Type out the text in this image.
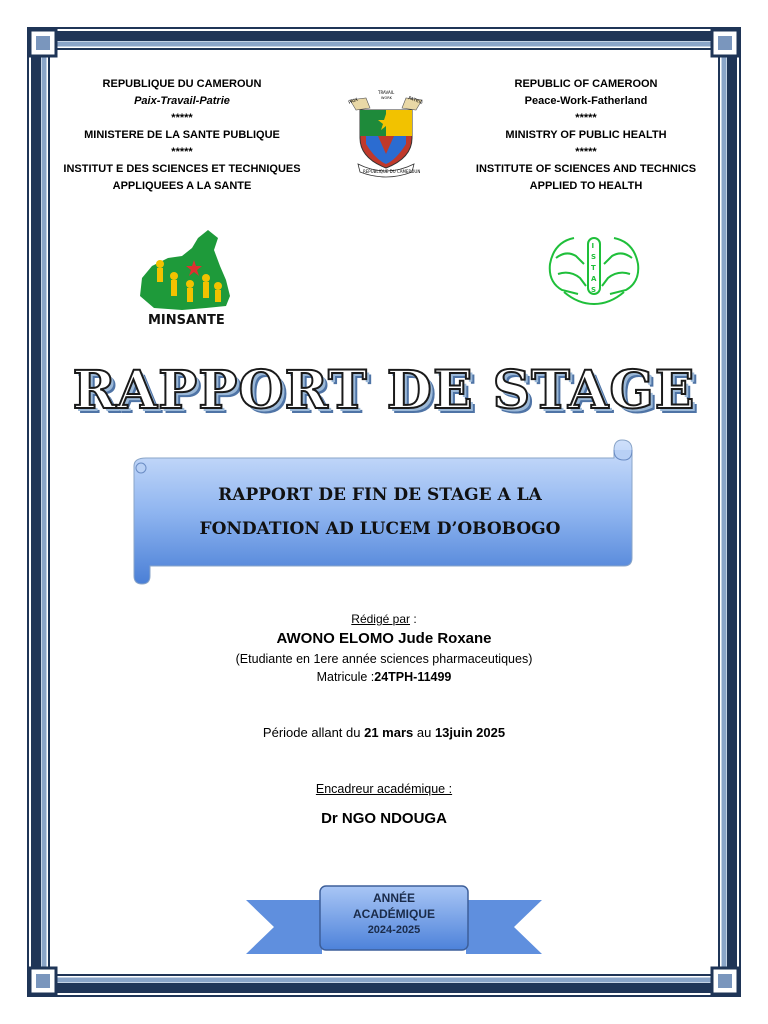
REPUBLIQUE DU CAMEROUN
Paix-Travail-Patrie
*****
MINISTERE DE LA SANTE PUBLIQUE
*****
INSTITUT E DES SCIENCES ET TECHNIQUES
APPLIQUEES A LA SANTE
REPUBLIC OF CAMEROON
Peace-Work-Fatherland
*****
MINISTRY OF PUBLIC HEALTH
*****
INSTITUTE OF SCIENCES AND TECHNICS
APPLIED TO HEALTH
PAIX
TRAVAIL
WORK	PATRIE
REPUBLIQUE DU CAMEROUN
MINSANTE
I
S
T
A
S
RAPPORT DE STAGE
RAPPORT DE FIN DE STAGE A LA
FONDATION AD LUCEM D’OBOBOGO
Rédigé par :
AWONO ELOMO Jude Roxane
(Etudiante en 1ere année sciences pharmaceutiques)
Matricule :24TPH-11499
Période allant du 21 mars au 13juin 2025
Encadreur académique :
Dr NGO NDOUGA
ANNÉE
ACADÉMIQUE
2024-2025
